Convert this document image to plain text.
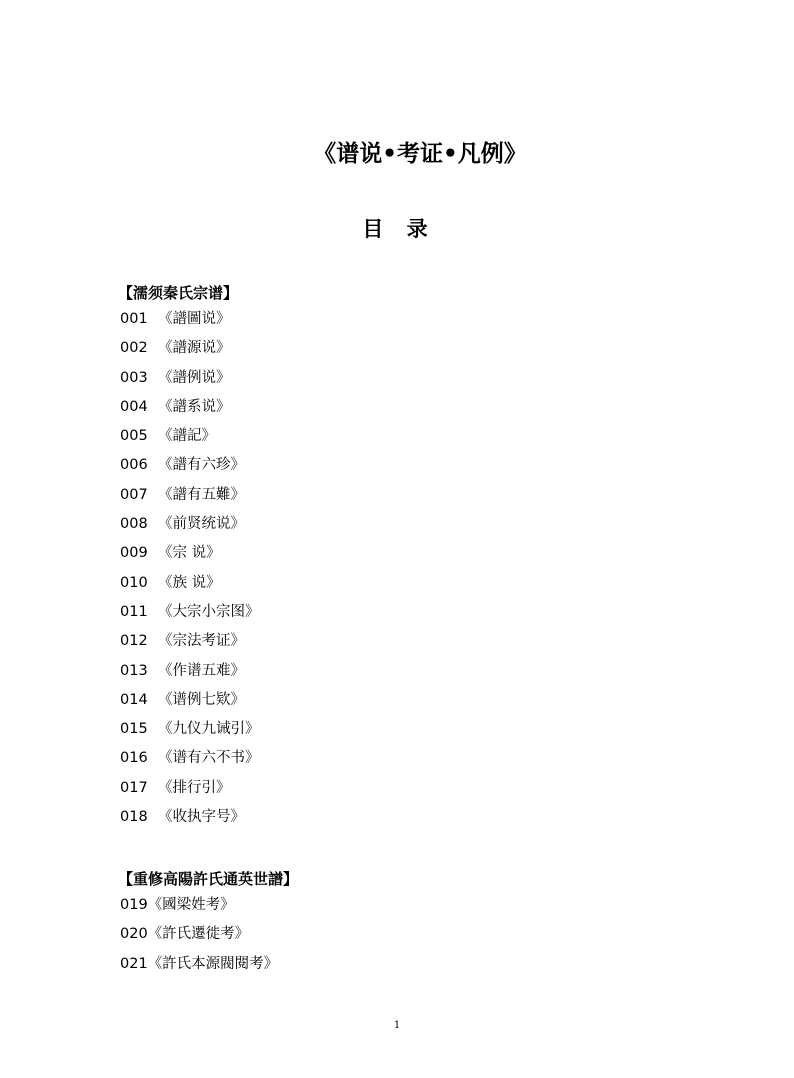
《谱说•考证•凡例》
目 录
【濡须秦氏宗谱】
001 《譜圖说》
002 《譜源说》
003 《譜例说》
004 《譜系说》
005 《譜記》
006 《譜有六珍》
007 《譜有五難》
008 《前贤统说》
009 《宗 说》
010 《族 说》
011 《大宗小宗图》
012 《宗法考证》
013 《作谱五难》
014 《谱例七欵》
015 《九仪九诫引》
016 《谱有六不书》
017 《排行引》
018 《收执字号》
【重修高陽許氏通英世譜】
019《國梁姓考》
020《許氏遷徙考》
021《許氏本源閥閱考》
1
